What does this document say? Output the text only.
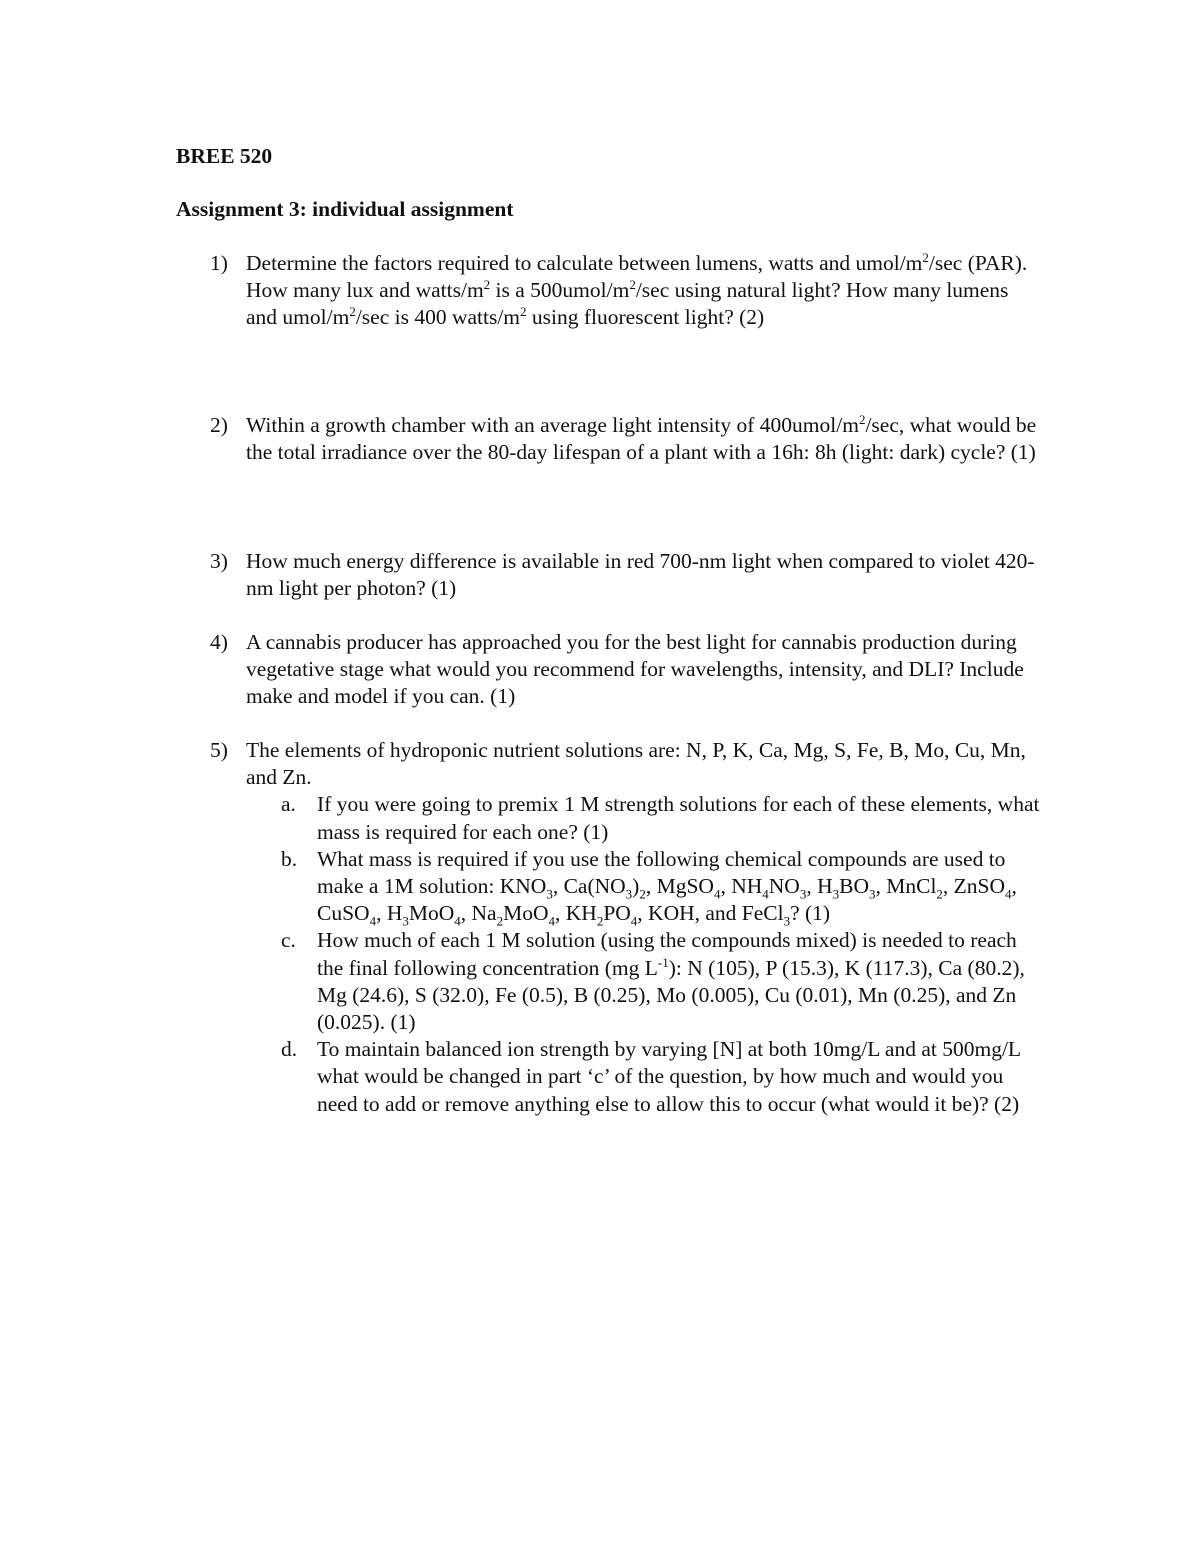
BREE 520
Assignment 3: individual assignment
1) Determine the factors required to calculate between lumens, watts and umol/$m^2/\sec$ (PAR). How many lux and watts/$m^2$ is a $500umol/m^2/\sec$ using natural light? How many lumens and umol/$m^2/\sec$ is 400 watts/$m^2$ using fluorescent light? (2)
2) Within a growth chamber with an average light intensity of $400umol/m^2/\sec$, what would be the total irradiance over the 80-day lifespan of a plant with a 16h: 8h (light: dark) cycle? (1)
3) How much energy difference is available in red 700-nm light when compared to violet 420-nm light per photon? (1)
4) A cannabis producer has approached you for the best light for cannabis production during vegetative stage what would you recommend for wavelengths, intensity, and DLI? Include make and model if you can. (1)
5) The elements of hydroponic nutrient solutions are: N, P, K, Ca, Mg, S, Fe, B, Mo, Cu, Mn, and Zn.
a. If you were going to premix 1 M strength solutions for each of these elements, what mass is required for each one? (1)
b. What mass is required if you use the following chemical compounds are used to make a 1M solution: $KNO_3$, $Ca(NO_3)_2$, MgSO$_4$, $NH_4NO_3$, $H_3BO_3$, MnCl$_2$, ZnSO$_4$, CuSO$_4$, $H_3MoO_4$, $Na_2MoO_4$, $KH_2PO_4$, KOH, and FeCl$_3$? (1)
c. How much of each 1 M solution (using the compounds mixed) is needed to reach the final following concentration (mg $L^{-1}$): N (105), P (15.3), K (117.3), Ca (80.2), Mg (24.6), S (32.0), Fe (0.5), B (0.25), Mo (0.005), Cu (0.01), Mn (0.25), and Zn (0.025). (1)
d. To maintain balanced ion strength by varying [N] at both 10mg/L and at 500mg/L what would be changed in part ‘c’ of the question, by how much and would you need to add or remove anything else to allow this to occur (what would it be)? (2)
